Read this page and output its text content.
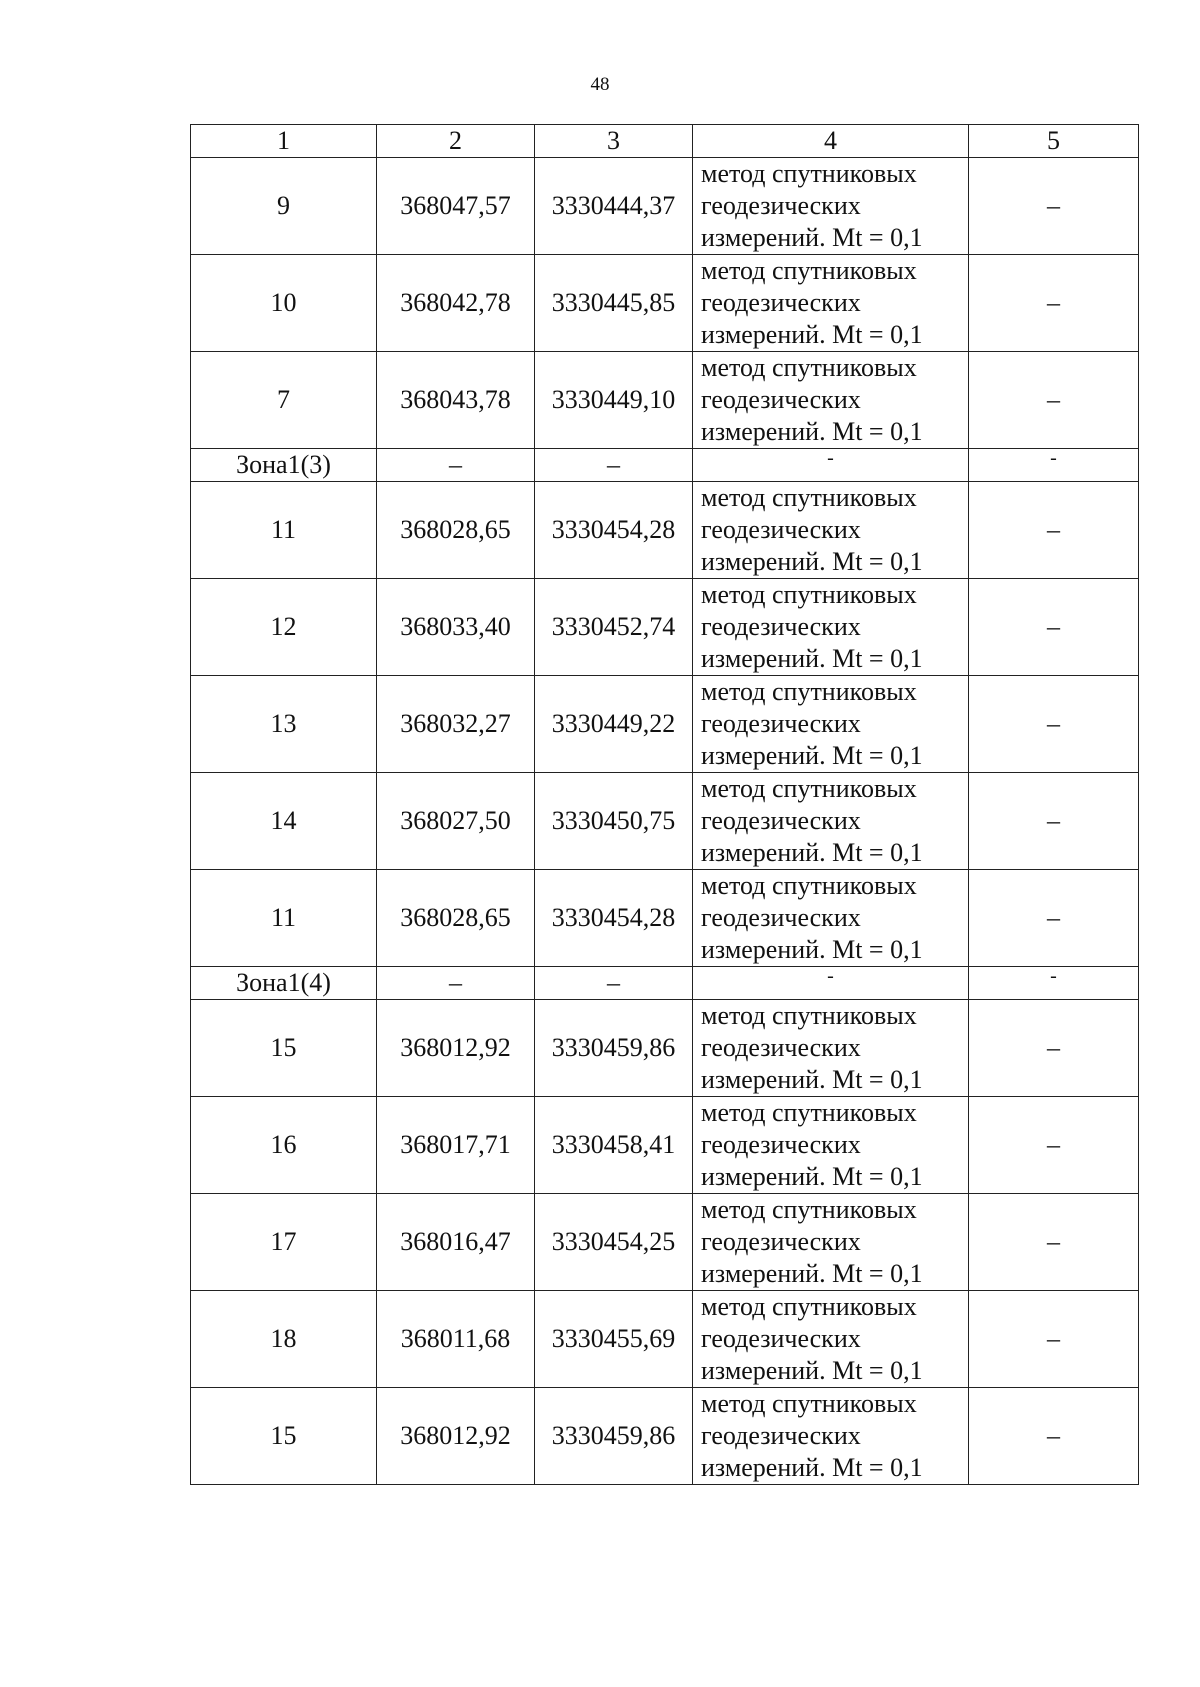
48
1	2	3	4	5
9	368047,57	3330444,37	метод спутниковых
геодезических
измерений. Mt = 0,1	–
10	368042,78	3330445,85	метод спутниковых
геодезических
измерений. Mt = 0,1	–
7	368043,78	3330449,10	метод спутниковых
геодезических
измерений. Mt = 0,1	–
Зона1(3)	–	–	-	-
11	368028,65	3330454,28	метод спутниковых
геодезических
измерений. Mt = 0,1	–
12	368033,40	3330452,74	метод спутниковых
геодезических
измерений. Mt = 0,1	–
13	368032,27	3330449,22	метод спутниковых
геодезических
измерений. Mt = 0,1	–
14	368027,50	3330450,75	метод спутниковых
геодезических
измерений. Mt = 0,1	–
11	368028,65	3330454,28	метод спутниковых
геодезических
измерений. Mt = 0,1	–
Зона1(4)	–	–	-	-
15	368012,92	3330459,86	метод спутниковых
геодезических
измерений. Mt = 0,1	–
16	368017,71	3330458,41	метод спутниковых
геодезических
измерений. Mt = 0,1	–
17	368016,47	3330454,25	метод спутниковых
геодезических
измерений. Mt = 0,1	–
18	368011,68	3330455,69	метод спутниковых
геодезических
измерений. Mt = 0,1	–
15	368012,92	3330459,86	метод спутниковых
геодезических
измерений. Mt = 0,1	–
